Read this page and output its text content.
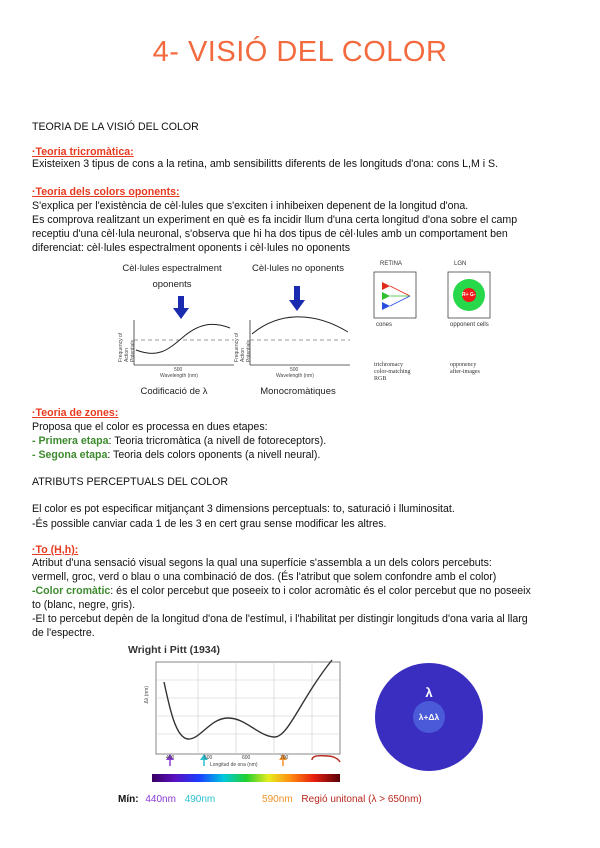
4- VISIÓ DEL COLOR
TEORIA DE LA VISIÓ DEL COLOR
·Teoria tricromàtica:
Existeixen 3 tipus de cons a la retina, amb sensibilitts diferents de les longituds d'ona: cons L,M i S.
·Teoria dels colors oponents:
S'explica per l'existència de cèl·lules que s'exciten i inhibeixen depenent de la longitud d'ona.
Es comprova realitzant un experiment en què es fa incidir llum d'una certa longitud d'ona sobre el camp
receptiu d'una cèl·lula neuronal, s'observa que hi ha dos tipus de cèl·lules amb un comportament ben
diferenciat: cèl·lules espectralment oponents i cèl·lules no oponents
Cèl·lules espectralment
oponents
Cèl·lules no oponents
Frequency of Action Potentials	Frequency of Action Potentials
500
Wavelength (nm)
500
Wavelength (nm)
Codificació de λ	Monocromàtiques
RETINA	LGN
R+ G-
cones	opponent cells
trichromacy
color-matching
RGB
opponency
after-images
·Teoria de zones:
Proposa que el color es processa en dues etapes:
- Primera etapa: Teoria tricromàtica (a nivell de fotoreceptors).
- Segona etapa: Teoria dels colors oponents (a nivell neural).
ATRIBUTS PERCEPTUALS DEL COLOR
El color es pot especificar mitjançant 3 dimensions perceptuals: to, saturació i lluminositat.
-És possible canviar cada 1 de les 3 en cert grau sense modificar les altres.
·To (H,h):
Atribut d'una sensació visual segons la qual una superfície s'assembla a un dels colors percebuts:
vermell, groc, verd o blau o una combinació de dos. (És l'atribut que solem confondre amb el color)
-Color cromàtic: és el color percebut que poseeix to i color acromàtic és el color percebut que no poseeix
to (blanc, negre, gris).
-El to percebut depèn de la longitud d'ona de l'estímul, i l'habilitat per distingir longituds d'ona varia al llarg
de l'espectre.
Wright i Pitt (1934)
Δλ (nm)
400	500	600	700
Longitud de ona (nm)
Mín: 440nm 490nm	590nm Regió unitonal (λ > 650nm)
λ
λ+Δλ
